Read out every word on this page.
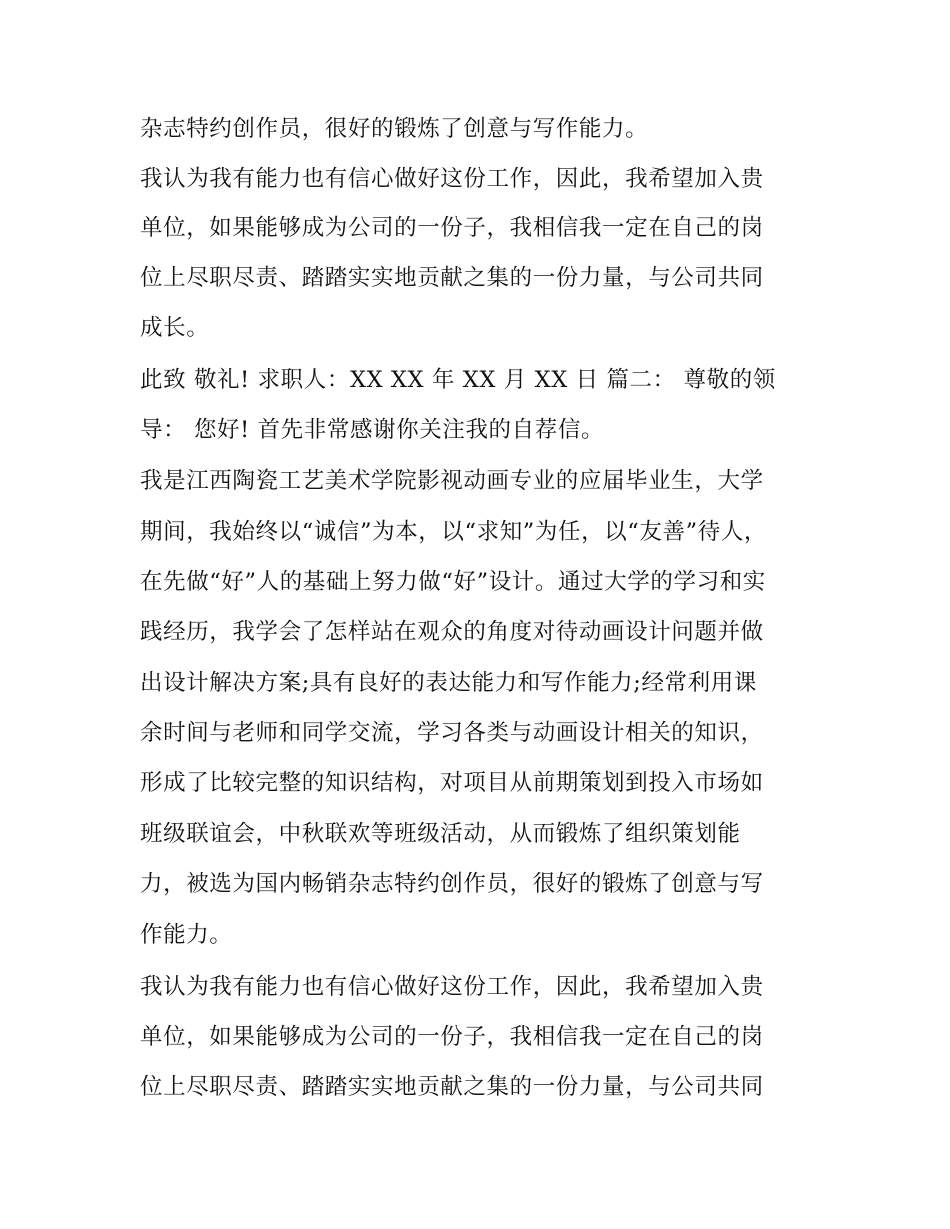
杂志特约创作员，很好的锻炼了创意与写作能力。

我认为我有能力也有信心做好这份工作，因此，我希望加入贵

单位，如果能够成为公司的一份子，我相信我一定在自己的岗

位上尽职尽责、踏踏实实地贡献之集的一份力量，与公司共同

成长。

此致 敬礼! 求职人：XX XX 年 XX 月 XX 日 篇二： 尊敬的领

导： 您好! 首先非常感谢你关注我的自荐信。

我是江西陶瓷工艺美术学院影视动画专业的应届毕业生，大学

期间，我始终以“诚信”为本，以“求知”为任，以“友善”待人，

在先做“好”人的基础上努力做“好”设计。通过大学的学习和实

践经历，我学会了怎样站在观众的角度对待动画设计问题并做

出设计解决方案;具有良好的表达能力和写作能力;经常利用课

余时间与老师和同学交流，学习各类与动画设计相关的知识，

形成了比较完整的知识结构，对项目从前期策划到投入市场如

班级联谊会，中秋联欢等班级活动，从而锻炼了组织策划能

力，被选为国内畅销杂志特约创作员，很好的锻炼了创意与写

作能力。

我认为我有能力也有信心做好这份工作，因此，我希望加入贵

单位，如果能够成为公司的一份子，我相信我一定在自己的岗

位上尽职尽责、踏踏实实地贡献之集的一份力量，与公司共同
